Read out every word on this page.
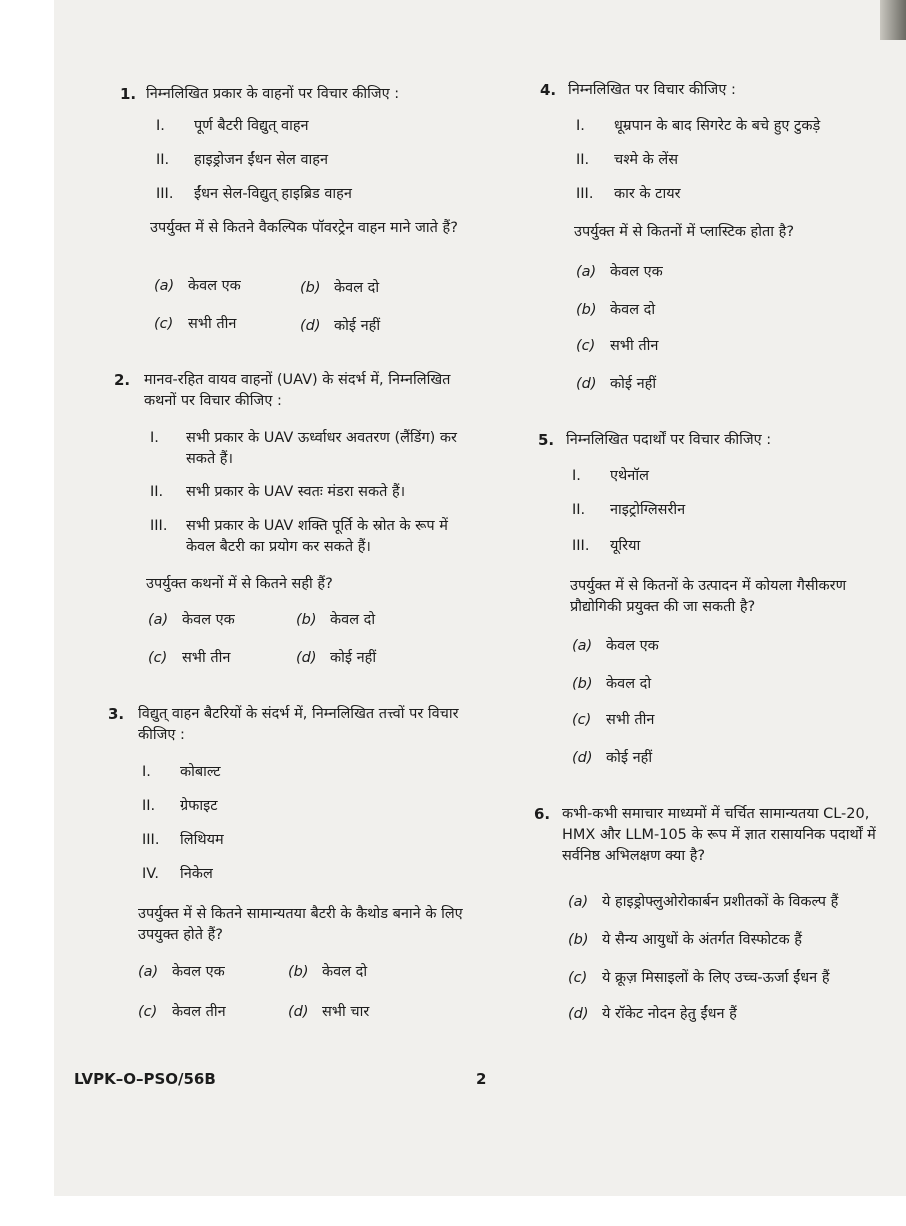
1. निम्नलिखित प्रकार के वाहनों पर विचार कीजिए :
I. पूर्ण बैटरी विद्युत् वाहन
II. हाइड्रोजन ईंधन सेल वाहन
III. ईंधन सेल-विद्युत् हाइब्रिड वाहन
उपर्युक्त में से कितने वैकल्पिक पॉवरट्रेन वाहन माने जाते हैं?
(a) केवल एक	(b) केवल दो
(c) सभी तीन	(d) कोई नहीं
2. मानव-रहित वायव वाहनों (UAV) के संदर्भ में, निम्नलिखित कथनों पर विचार कीजिए :
I.	सभी प्रकार के UAV ऊर्ध्वाधर अवतरण (लैंडिंग) कर सकते हैं।
II.	सभी प्रकार के UAV स्वतः मंडरा सकते हैं।
III.	सभी प्रकार के UAV शक्ति पूर्ति के स्रोत के रूप में केवल बैटरी का प्रयोग कर सकते हैं।
उपर्युक्त कथनों में से कितने सही हैं?
(a) केवल एक	(b) केवल दो
(c) सभी तीन	(d) कोई नहीं
3. विद्युत् वाहन बैटरियों के संदर्भ में, निम्नलिखित तत्त्वों पर विचार कीजिए :
I. कोबाल्ट
II. ग्रेफाइट
III. लिथियम
IV. निकेल
उपर्युक्त में से कितने सामान्यतया बैटरी के कैथोड बनाने के लिए उपयुक्त होते हैं?
(a) केवल एक	(b) केवल दो
(c) केवल तीन	(d) सभी चार
4. निम्नलिखित पर विचार कीजिए :
I. धूम्रपान के बाद सिगरेट के बचे हुए टुकड़े
II. चश्मे के लेंस
III. कार के टायर
उपर्युक्त में से कितनों में प्लास्टिक होता है?
(a) केवल एक
(b) केवल दो
(c) सभी तीन
(d) कोई नहीं
5. निम्नलिखित पदार्थों पर विचार कीजिए :
I. एथेनॉल
II. नाइट्रोग्लिसरीन
III. यूरिया
उपर्युक्त में से कितनों के उत्पादन में कोयला गैसीकरण प्रौद्योगिकी प्रयुक्त की जा सकती है?
(a) केवल एक
(b) केवल दो
(c) सभी तीन
(d) कोई नहीं
6. कभी-कभी समाचार माध्यमों में चर्चित सामान्यतया CL-20, HMX और LLM-105 के रूप में ज्ञात रासायनिक पदार्थों में सर्वनिष्ठ अभिलक्षण क्या है?
(a) ये हाइड्रोफ्लुओरोकार्बन प्रशीतकों के विकल्प हैं
(b) ये सैन्य आयुधों के अंतर्गत विस्फोटक हैं
(c) ये क्रूज़ मिसाइलों के लिए उच्च-ऊर्जा ईंधन हैं
(d) ये रॉकेट नोदन हेतु ईंधन हैं
LVPK–O–PSO/56B	2
